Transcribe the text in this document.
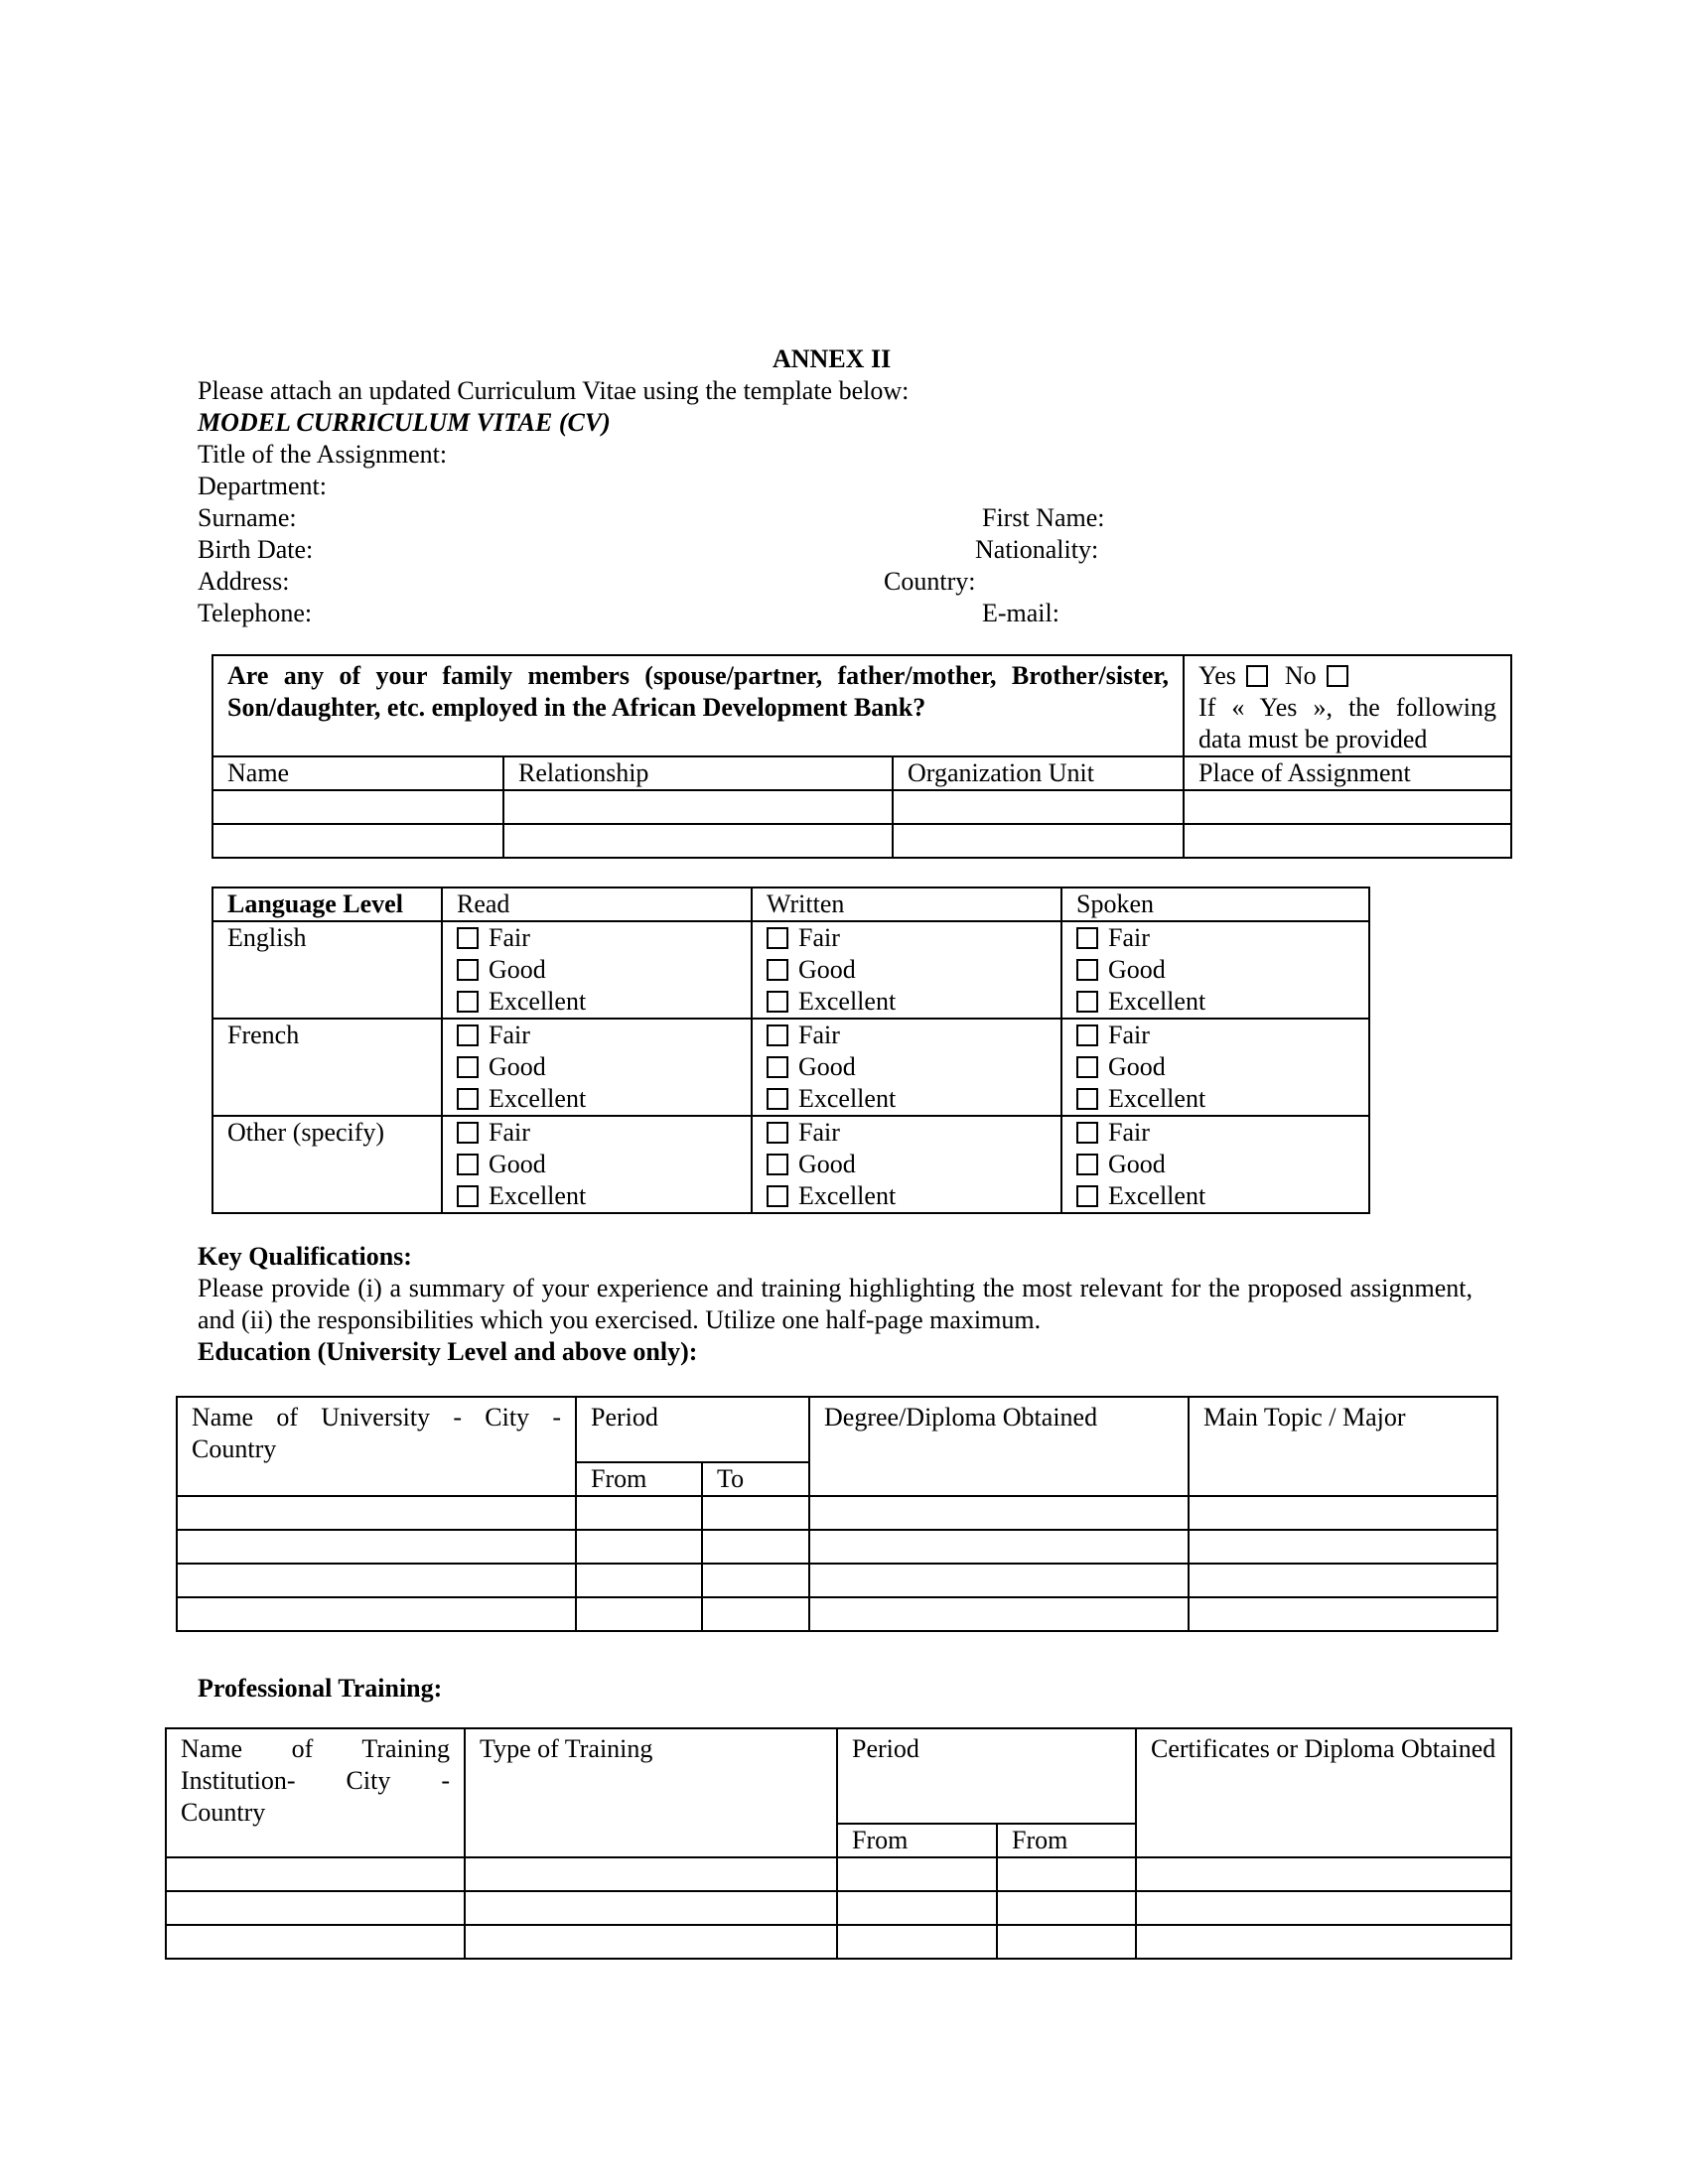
ANNEX II
Please attach an updated Curriculum Vitae using the template below:
MODEL CURRICULUM VITAE (CV)
Title of the Assignment:
Department:
Surname:	First Name:
Birth Date:	Nationality:
Address:	Country:
Telephone:	E-mail:
Are any of your family members (spouse/partner, father/mother, Brother/sister, Son/daughter, etc. employed in the African Development Bank?			Yes No
If « Yes », the following data must be provided

Name	Relationship	Organization Unit	Place of Assignment

Language Level	Read	Written	Spoken
English	Fair
Good
Excellent	Fair
Good
Excellent	Fair
Good
Excellent

French	Fair
Good
Excellent	Fair
Good
Excellent	Fair
Good
Excellent

Other (specify)	Fair
Good
Excellent	Fair
Good
Excellent	Fair
Good
Excellent
Key Qualifications:
Please provide (i) a summary of your experience and training highlighting the most relevant for the proposed assignment, and (ii) the responsibilities which you exercised. Utilize one half-page maximum.
Education (University Level and above only):
Name of University - City - Country	Period		Degree/Diploma Obtained	Main Topic / Major
	From	To		

Professional Training:
Name of Training Institution- City - Country	Type of Training	Period		Certificates or Diploma Obtained
		From	From	
